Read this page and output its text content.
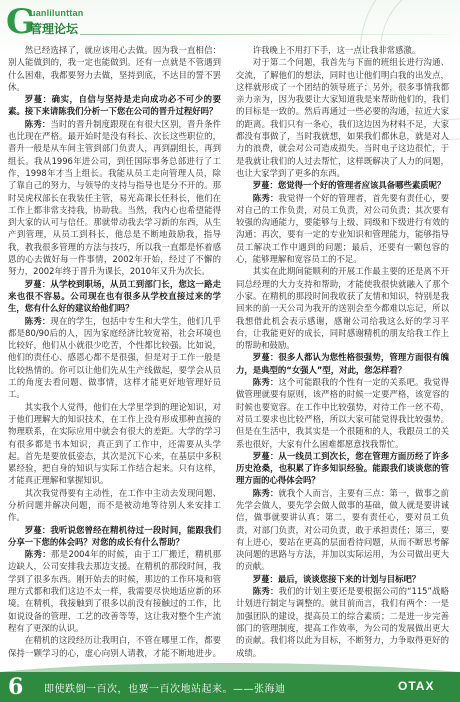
G
uanlilunttan
管理论坛

然已经选择了，就应该用心去做。因为我一直相信：别人能做到的，我一定也能做到。还有一点就是不管遇到什么困难，我都要努力去做，坚持到底，不达目的誓不罢休。

罗蔓：确实，自信与坚持是走向成功必不可少的要素。接下来请陈我们分析一下您在公司的晋升过程好吗？

陈秀：当时的晋升制度跟现在有很大区别，晋升条件也比现在严格。最开始时是没有科长、次长这些职位的，晋升一般是从车间主管到部门负责人，再到副组长，再到组长。我从1996年进公司，到任国际事务总部进行了工作，1998年才当上组长。我能从员工走向管理人员，除了靠自己的努力，与领导的支持与指导也是分不开的。那时吴虎权部长在我装任主管，易光高课长任科长，他们在工作上都非常支持我，协助我。当然，我内心也希望能得到大家的认可与信任。那就带动我去学习新的东西，从生产到管理，从员工到科长，他总是不断地鼓励我，指导我，教我很多管理的方法与技巧，所以我一直都是怀着感恩的心去做好每一件事情，2002年开始，经过了不懈的努力，2002年终于晋升为课长，2010年又升为次长。

罗蔓：从学校到职场，从员工到部门长，您这一路走来也很不容易。公司现在也有很多从学校直接过来的学生，您有什么好的建议给他们吗？

陈秀：现在的学生，包括中专生和大学生，他们几乎都是80/90后的人，因为家庭经济比较宽裕，社会环境也比较好，他们从小就很少吃苦，个性都比较强。比如说，他们的责任心、感恩心都不是很强，但是对于工作一般是比较热情的。你可以让他们先从生产线做起，要学会从员工的角度去看问题、做事情，这样才能更好地管理好员工。

其实我个人觉得，他们在大学里学到的理论知识，对于他们理解大的知识技术，在工作上没有形成那种直接的物理联系，在实际应用中就会有很大的差距。大学的学习有很多都是书本知识，真正到了工作中，还需要从头学起。首先是要放低姿态，其次是沉下心来，在基层中多积累经验，把自身的知识与实际工作结合起来。只有这样，才能真正理解和掌握知识。

其次我觉得要有主动性，在工作中主动去发现问题、分析问题并解决问题，而不是被动地等待别人来安排工作。

罗蔓：我听说您曾经在精机待过一段时间，能跟我们分享一下您的体会吗？对您的成长有什么帮助？

陈秀：那是2004年的时候，由于工厂搬迁，精机那边缺人，公司安排我去那边支援。在精机的那段时间，我学到了很多东西。刚开始去的时候，那边的工作环境和管理方式都和我们这边不太一样，我需要尽快地适应新的环境。在精机，我接触到了很多以前没有接触过的工作，比如说设备的管理、工艺的改善等等，这让我对整个生产流程有了更深的认识。

在精机的这段经历让我明白，不管在哪里工作，都要保持一颗学习的心，虚心向别人请教，才能不断地进步。

许我晚上不用打下手，这一点让我非常感激。

对于第二个问题，我首先与下面的班组长进行沟通、交流，了解他们的想法，同时也让他们明白我的出发点，这样就形成了一个团结的领导班子；另外，很多事情我都亲力亲为，因为我要让大家知道我是来帮助他们的，我们的目标是一致的。然后再通过一些必要的沟通，拉近大家的距离。我们只有一条心，我们这边因为材料不足，大家都没有事做了，当时我就想，如果我们都休息，就是对人力的浪费，就会对公司造成损失。当时电子这边很忙，于是我就让我们的人过去帮忙，这样既解决了人力的问题，也让大家学到了更多的东西。

罗蔓：您觉得一个好的管理者应该具备哪些素质呢？

陈秀：我觉得一个好的管理者，首先要有责任心，要对自己的工作负责，对员工负责，对公司负责；其次要有较强的沟通能力，要能够与上级、同级和下级进行有效的沟通；再次，要有一定的专业知识和管理能力，能够指导员工解决工作中遇到的问题；最后，还要有一颗包容的心，能够理解和宽容员工的不足。

其实在此期间能顺利的开展工作最主要的还是离不开同总经理的大力支持和帮助，才能使我很快就融入了那个小家。在精机的那段时间我收获了友情和知识，特别是我回来的前一天公司为我开的送别会至今都难以忘记，所以我想借此机会表示感谢，感谢公司给我这么好的学习平台，让我能更好的成长，同时感谢精机的朋友给我工作上的帮助和鼓励。

罗蔓：很多人都认为您性格很强势，管理方面很有魄力，是典型的“女强人”型，对此，您怎样看？

陈秀：这个可能跟我的个性有一定的关系吧。我觉得做管理就要有原则，该严格的时候一定要严格，该宽容的时候也要宽容。在工作中比较强势，对待工作一丝不苟，对员工要求也比较严格，所以大家可能觉得我比较强势。但是在生活中，我其实是一个很随和的人，我跟员工的关系也很好，大家有什么困难都愿意找我帮忙。

罗蔓：从一线员工到次长，您在管理方面历经了许多历史沧桑，也积累了许多知识经验。能跟我们谈谈您的管理方面的心得体会吗？

陈秀：就我个人而言，主要有三点：第一，做事之前先学会做人，要先学会做人做事的基础，做人就是要讲诚信，做事就要讲认真；第二，要有责任心，要对员工负责，对部门负责，对公司负责，敢于承担责任；第三，要有上进心，要站在更高的层面看待问题，从而不断思考解决问题的思路与方法，并加以实际运用，为公司做出更大的贡献。

罗蔓：最后，谈谈您接下来的计划与目标吧？

陈秀：我们的计划主要还是要根据公司的“115”战略计划进行制定与调整的。就目前而言，我们有两个：一是加强团队的建设，提高员工的综合素质；二是进一步完善部门的管理制度，提高工作效率，为公司的发展做出更大的贡献。我们将以此为目标，不断努力，力争取得更好的成绩。

6 即使跌倒一百次，也要一百次地站起来。——张海迪	OTAX
